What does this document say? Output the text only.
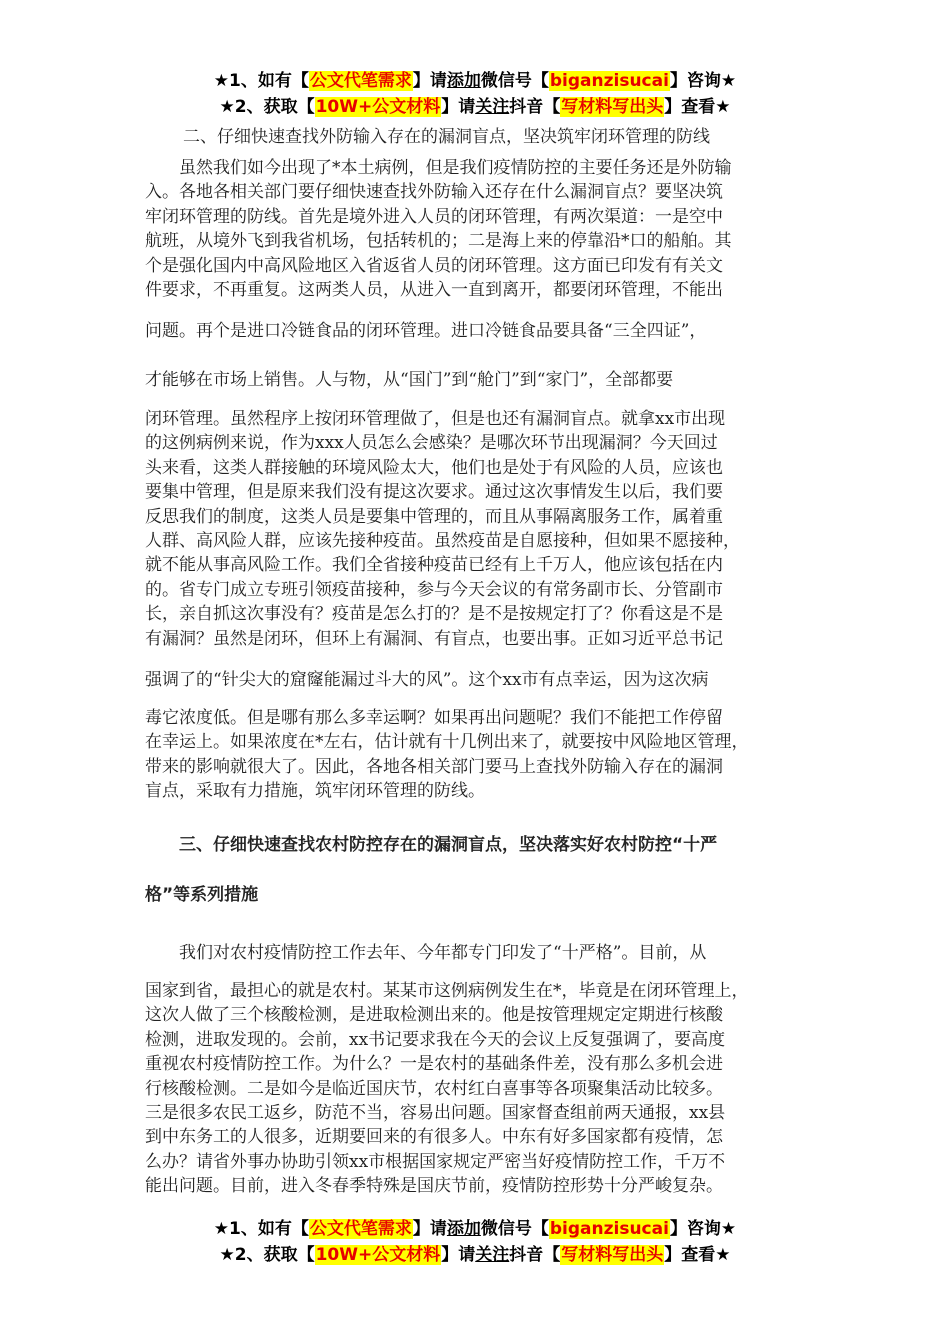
★1、如有【公文代笔需求】请添加微信号【biganzisucai】咨询★
★2、获取【10W+公文材料】请关注抖音【写材料写出头】查看★
二、仔细快速查找外防输入存在的漏洞盲点，坚决筑牢闭环管理的防线
　　虽然我们如今出现了*本土病例，但是我们疫情防控的主要任务还是外防输
入。各地各相关部门要仔细快速查找外防输入还存在什么漏洞盲点？要坚决筑
牢闭环管理的防线。首先是境外进入人员的闭环管理，有两次渠道：一是空中
航班，从境外飞到我省机场，包括转机的；二是海上来的停靠沿*口的船舶。其
个是强化国内中高风险地区入省返省人员的闭环管理。这方面已印发有有关文
件要求，不再重复。这两类人员，从进入一直到离开，都要闭环管理，不能出
问题。再个是进口冷链食品的闭环管理。进口冷链食品要具备“三全四证”，
才能够在市场上销售。人与物，从“国门”到“舱门”到“家门”，全部都要
闭环管理。虽然程序上按闭环管理做了，但是也还有漏洞盲点。就拿xx市出现
的这例病例来说，作为xxx人员怎么会感染？是哪次环节出现漏洞？今天回过
头来看，这类人群接触的环境风险太大，他们也是处于有风险的人员，应该也
要集中管理，但是原来我们没有提这次要求。通过这次事情发生以后，我们要
反思我们的制度，这类人员是要集中管理的，而且从事隔离服务工作，属着重
人群、高风险人群，应该先接种疫苗。虽然疫苗是自愿接种，但如果不愿接种，
就不能从事高风险工作。我们全省接种疫苗已经有上千万人，他应该包括在内
的。省专门成立专班引领疫苗接种，参与今天会议的有常务副市长、分管副市
长，亲自抓这次事没有？疫苗是怎么打的？是不是按规定打了？你看这是不是
有漏洞？虽然是闭环，但环上有漏洞、有盲点，也要出事。正如习近平总书记
强调了的“针尖大的窟窿能漏过斗大的风”。这个xx市有点幸运，因为这次病
毒它浓度低。但是哪有那么多幸运啊？如果再出问题呢？我们不能把工作停留
在幸运上。如果浓度在*左右，估计就有十几例出来了，就要按中风险地区管理，
带来的影响就很大了。因此，各地各相关部门要马上查找外防输入存在的漏洞
盲点，采取有力措施，筑牢闭环管理的防线。
　　三、仔细快速查找农村防控存在的漏洞盲点，坚决落实好农村防控“十严
格”等系列措施
　　我们对农村疫情防控工作去年、今年都专门印发了“十严格”。目前，从
国家到省，最担心的就是农村。某某市这例病例发生在*，毕竟是在闭环管理上，
这次人做了三个核酸检测，是进取检测出来的。他是按管理规定定期进行核酸
检测，进取发现的。会前，xx书记要求我在今天的会议上反复强调了，要高度
重视农村疫情防控工作。为什么？一是农村的基础条件差，没有那么多机会进
行核酸检测。二是如今是临近国庆节，农村红白喜事等各项聚集活动比较多。
三是很多农民工返乡，防范不当，容易出问题。国家督查组前两天通报，xx县
到中东务工的人很多，近期要回来的有很多人。中东有好多国家都有疫情，怎
么办？请省外事办协助引领xx市根据国家规定严密当好疫情防控工作，千万不
能出问题。目前，进入冬春季特殊是国庆节前，疫情防控形势十分严峻复杂。
★1、如有【公文代笔需求】请添加微信号【biganzisucai】咨询★
★2、获取【10W+公文材料】请关注抖音【写材料写出头】查看★
